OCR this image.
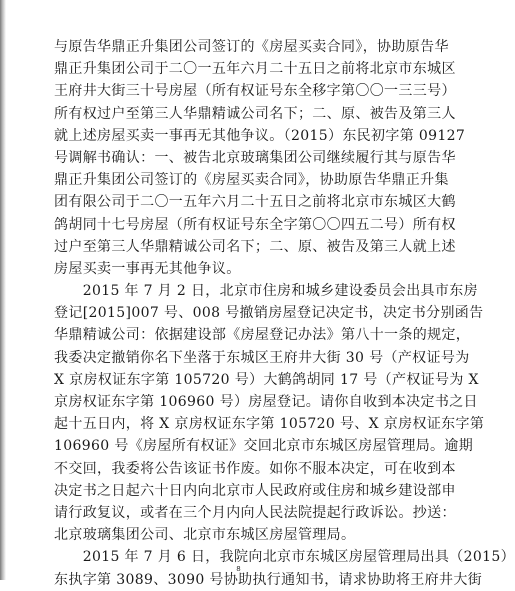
与原告华鼎正升集团公司签订的《房屋买卖合同》，协助原告华
鼎正升集团公司于二〇一五年六月二十五日之前将北京市东城区
王府井大街三十号房屋（所有权证号东全移字第〇〇一三三号）
所有权过户至第三人华鼎精诚公司名下；二、原、被告及第三人
就上述房屋买卖一事再无其他争议。（2015）东民初字第 09127
号调解书确认：一、被告北京玻璃集团公司继续履行其与原告华
鼎正升集团公司签订的《房屋买卖合同》，协助原告华鼎正升集
团有限公司于二〇一五年六月二十五日之前将北京市东城区大鹤
鸽胡同十七号房屋（所有权证号东全字第〇〇四五二号）所有权
过户至第三人华鼎精诚公司名下；二、原、被告及第三人就上述
房屋买卖一事再无其他争议。
　　2015 年 7 月 2 日，北京市住房和城乡建设委员会出具市东房
登记[2015]007 号、008 号撤销房屋登记决定书，决定书分别函告
华鼎精诚公司：依据建设部《房屋登记办法》第八十一条的规定，
我委决定撤销你名下坐落于东城区王府井大街 30 号（产权证号为
X 京房权证东字第 105720 号）大鹤鸽胡同 17 号（产权证号为 X
京房权证东字第 106960 号）房屋登记。请你自收到本决定书之日
起十五日内，将 X 京房权证东字第 105720 号、X 京房权证东字第
106960 号《房屋所有权证》交回北京市东城区房屋管理局。逾期
不交回，我委将公告该证书作废。如你不服本决定，可在收到本
决定书之日起六十日内向北京市人民政府或住房和城乡建设部申
请行政复议，或者在三个月内向人民法院提起行政诉讼。抄送：
北京玻璃集团公司、北京市东城区房屋管理局。
　　2015 年 7 月 6 日，我院向北京市东城区房屋管理局出具（2015）
东执字第 3089、3090 号协助执行通知书，请求协助将王府井大街
8
